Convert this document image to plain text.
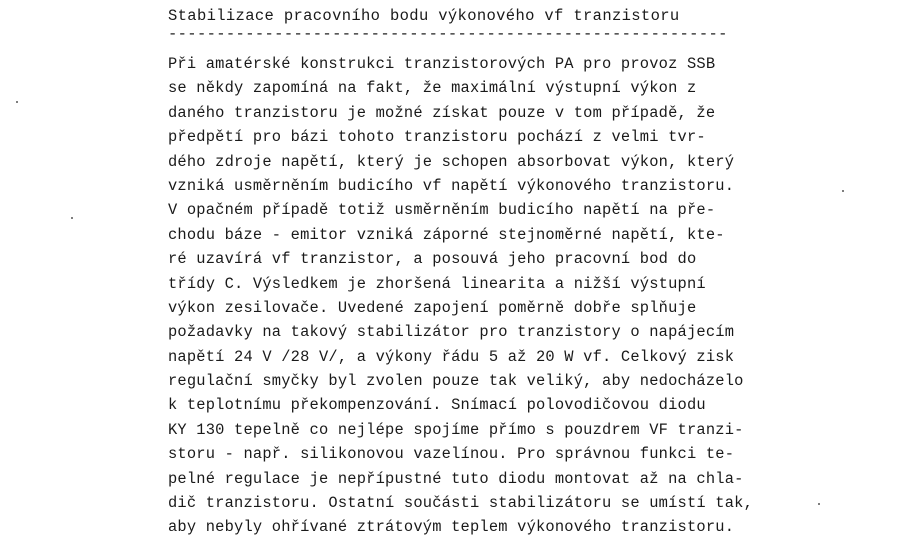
Stabilizace pracovního bodu výkonového vf tranzistoru
----------------------------------------------------------
Při amatérské konstrukci tranzistorových PA pro provoz SSB
se někdy zapomíná na fakt, že maximální výstupní výkon z
daného tranzistoru je možné získat pouze v tom případě, že
předpětí pro bázi tohoto tranzistoru pochází z velmi tvr-
dého zdroje napětí, který je schopen absorbovat výkon, který
vzniká usměrněním budicího vf napětí výkonového tranzistoru.
V opačném případě totiž usměrněním budicího napětí na pře-
chodu báze - emitor vzniká záporné stejnoměrné napětí, kte-
ré uzavírá vf tranzistor, a posouvá jeho pracovní bod do
třídy C. Výsledkem je zhoršená linearita a nižší výstupní
výkon zesilovače. Uvedené zapojení poměrně dobře splňuje
požadavky na takový stabilizátor pro tranzistory o napájecím
napětí 24 V /28 V/, a výkony řádu 5 až 20 W vf. Celkový zisk
regulační smyčky byl zvolen pouze tak veliký, aby nedocházelo
k teplotnímu překompenzování. Snímací polovodičovou diodu
KY 130 tepelně co nejlépe spojíme přímo s pouzdrem VF tranzi-
storu - např. silikonovou vazelínou. Pro správnou funkci te-
pelné regulace je nepřípustné tuto diodu montovat až na chla-
dič tranzistoru. Ostatní součásti stabilizátoru se umístí tak,
aby nebyly ohřívané ztrátovým teplem výkonového tranzistoru.
